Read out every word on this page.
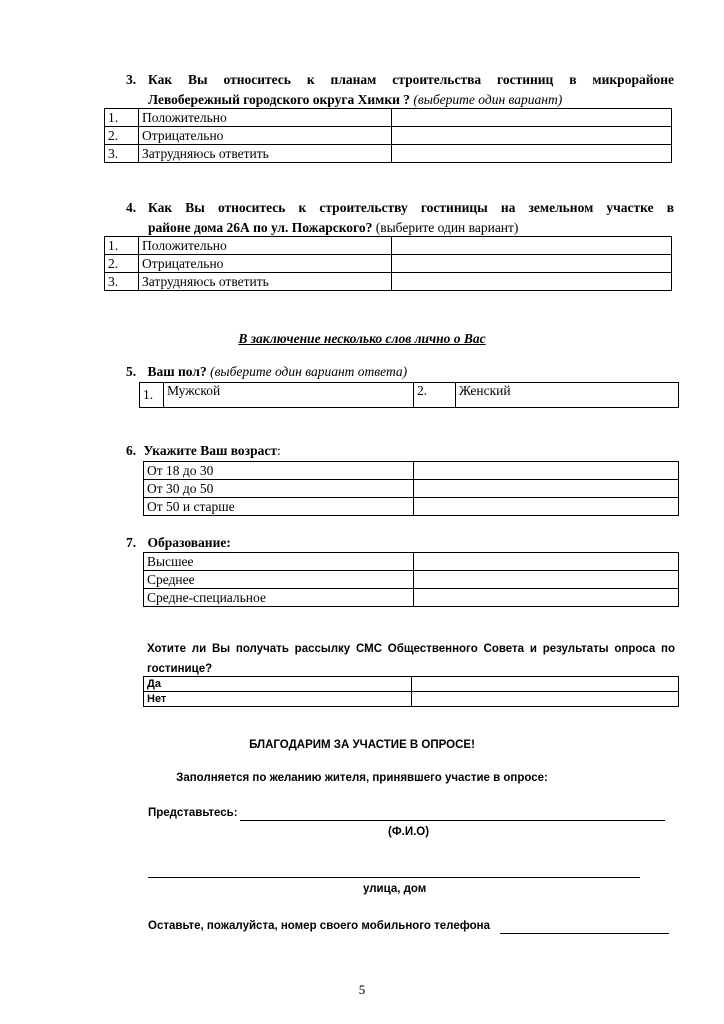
3. Как Вы относитесь к планам строительства гостиниц в микрорайоне
Левобережный городского округа Химки ? (выберите один вариант)
1.	Положительно	
2.	Отрицательно	
3.	Затрудняюсь ответить	
4. Как Вы относитесь к строительству гостиницы на земельном участке в
районе дома 26А по ул. Пожарского? (выберите один вариант)
1.	Положительно	
2.	Отрицательно	
3.	Затрудняюсь ответить	
В заключение несколько слов лично о Вас
5. Ваш пол? (выберите один вариант ответа)
1.	Мужской	2.	Женский
6. Укажите Ваш возраст:
От 18 до 30	
От 30 до 50	
От 50 и старше	
7. Образование:
Высшее	
Среднее	
Средне-специальное	
Хотите ли Вы получать рассылку СМС Общественного Совета и результаты опроса по
гостинице?
Да	
Нет	
БЛАГОДАРИМ ЗА УЧАСТИЕ В ОПРОСЕ!
Заполняется по желанию жителя, принявшего участие в опросе:
Представьтесь:
(Ф.И.О)
улица, дом
Оставьте, пожалуйста, номер своего мобильного телефона
5
